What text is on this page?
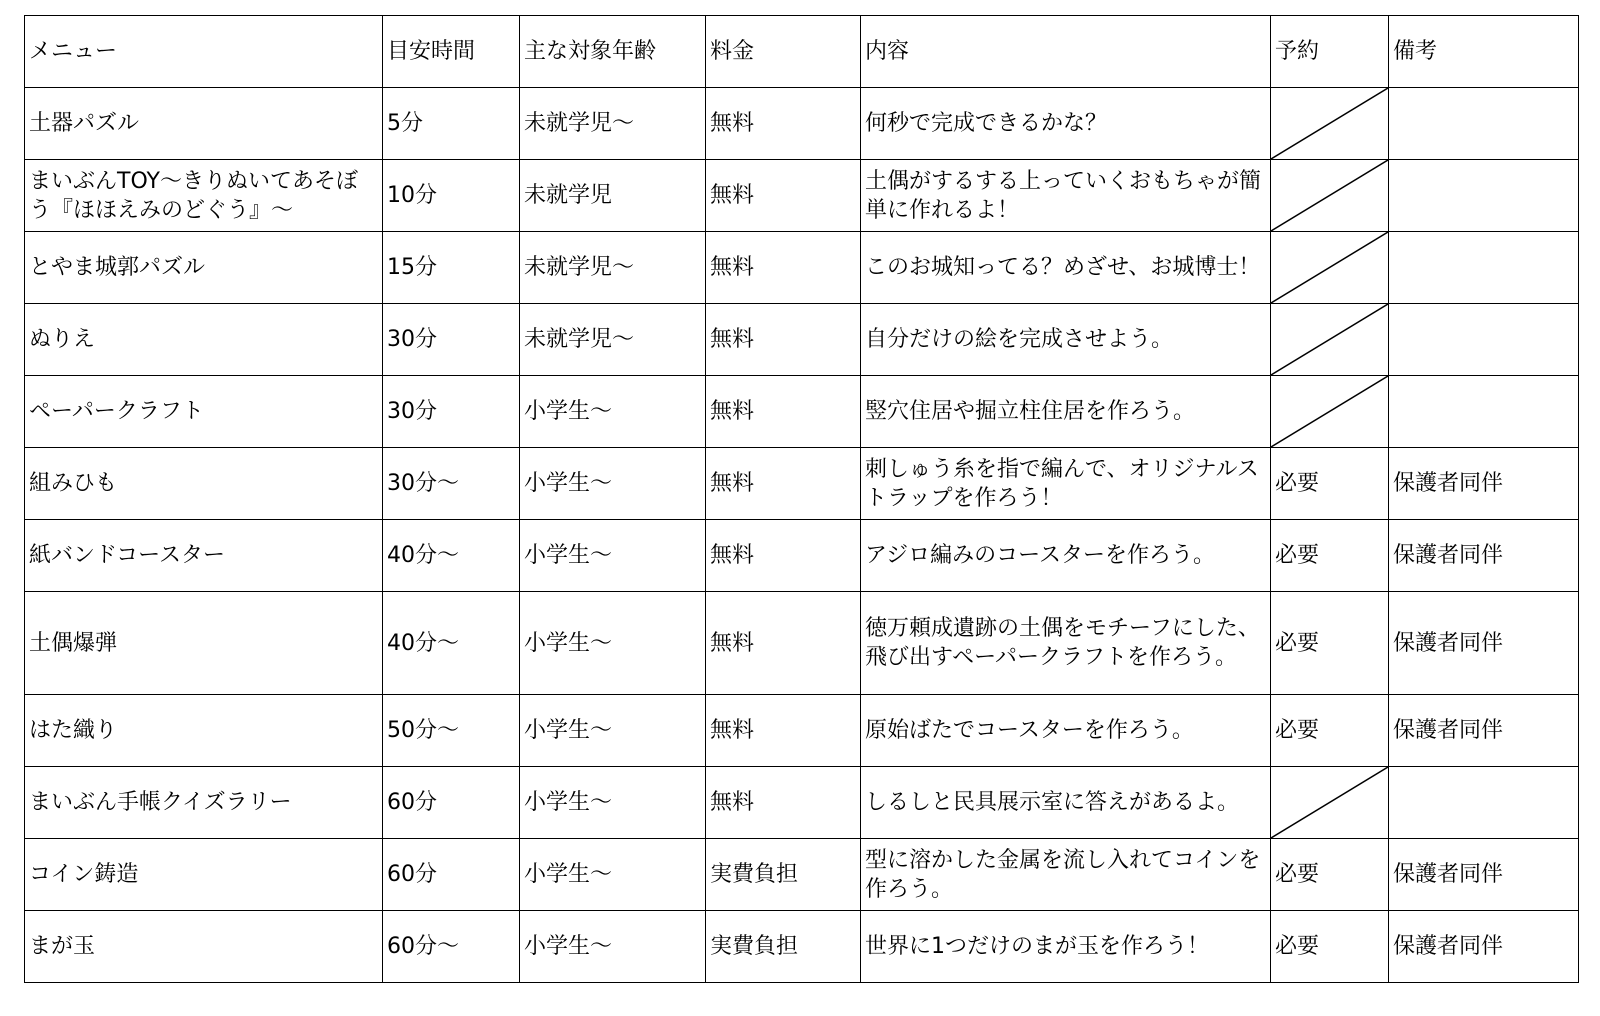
メニュー	目安時間	主な対象年齢	料金	内容	予約	備考
土器パズル	5分	未就学児～	無料	何秒で完成できるかな？	

まいぶんTOY～きりぬいてあそぼう『ほほえみのどぐう』～	10分	未就学児	無料	土偶がするする上っていくおもちゃが簡単に作れるよ！	

とやま城郭パズル	15分	未就学児～	無料	このお城知ってる？めざせ、お城博士！	

ぬりえ	30分	未就学児～	無料	自分だけの絵を完成させよう。	

ペーパークラフト	30分	小学生～	無料	竪穴住居や掘立柱住居を作ろう。	

組みひも	30分～	小学生～	無料	刺しゅう糸を指で編んで、オリジナルストラップを作ろう！	必要	保護者同伴
紙バンドコースター	40分～	小学生～	無料	アジロ編みのコースターを作ろう。	必要	保護者同伴
土偶爆弾	40分～	小学生～	無料	徳万頼成遺跡の土偶をモチーフにした、飛び出すペーパークラフトを作ろう。	必要	保護者同伴
はた織り	50分～	小学生～	無料	原始ばたでコースターを作ろう。	必要	保護者同伴
まいぶん手帳クイズラリー	60分	小学生～	無料	しるしと民具展示室に答えがあるよ。	

コイン鋳造	60分	小学生～	実費負担	型に溶かした金属を流し入れてコインを作ろう。	必要	保護者同伴
まが玉	60分～	小学生～	実費負担	世界に1つだけのまが玉を作ろう！	必要	保護者同伴
